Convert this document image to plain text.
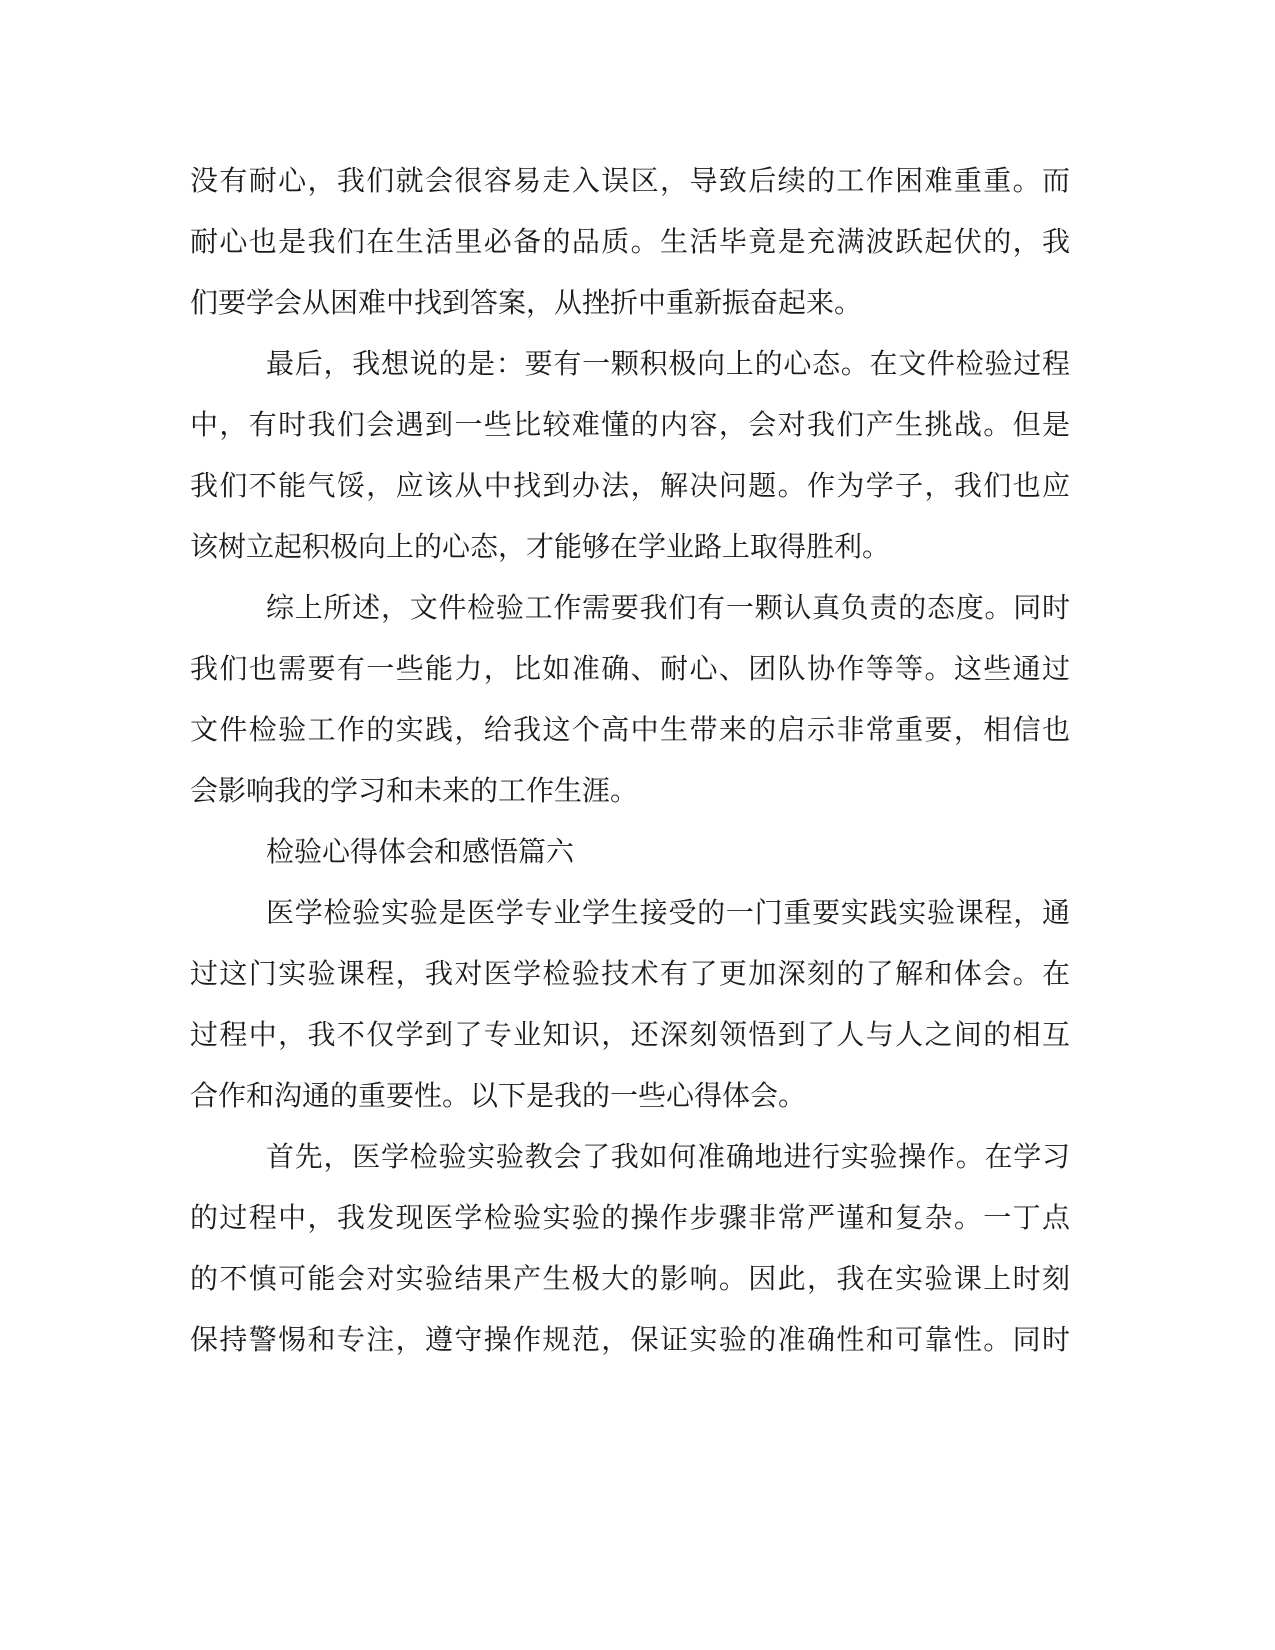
没有耐心，我们就会很容易走入误区，导致后续的工作困难重重。而
耐心也是我们在生活里必备的品质。生活毕竟是充满波跃起伏的，我
们要学会从困难中找到答案，从挫折中重新振奋起来。
最后，我想说的是：要有一颗积极向上的心态。在文件检验过程
中，有时我们会遇到一些比较难懂的内容，会对我们产生挑战。但是
我们不能气馁，应该从中找到办法，解决问题。作为学子，我们也应
该树立起积极向上的心态，才能够在学业路上取得胜利。
综上所述，文件检验工作需要我们有一颗认真负责的态度。同时
我们也需要有一些能力，比如准确、耐心、团队协作等等。这些通过
文件检验工作的实践，给我这个高中生带来的启示非常重要，相信也
会影响我的学习和未来的工作生涯。
检验心得体会和感悟篇六
医学检验实验是医学专业学生接受的一门重要实践实验课程，通
过这门实验课程，我对医学检验技术有了更加深刻的了解和体会。在
过程中，我不仅学到了专业知识，还深刻领悟到了人与人之间的相互
合作和沟通的重要性。以下是我的一些心得体会。
首先，医学检验实验教会了我如何准确地进行实验操作。在学习
的过程中，我发现医学检验实验的操作步骤非常严谨和复杂。一丁点
的不慎可能会对实验结果产生极大的影响。因此，我在实验课上时刻
保持警惕和专注，遵守操作规范，保证实验的准确性和可靠性。同时
